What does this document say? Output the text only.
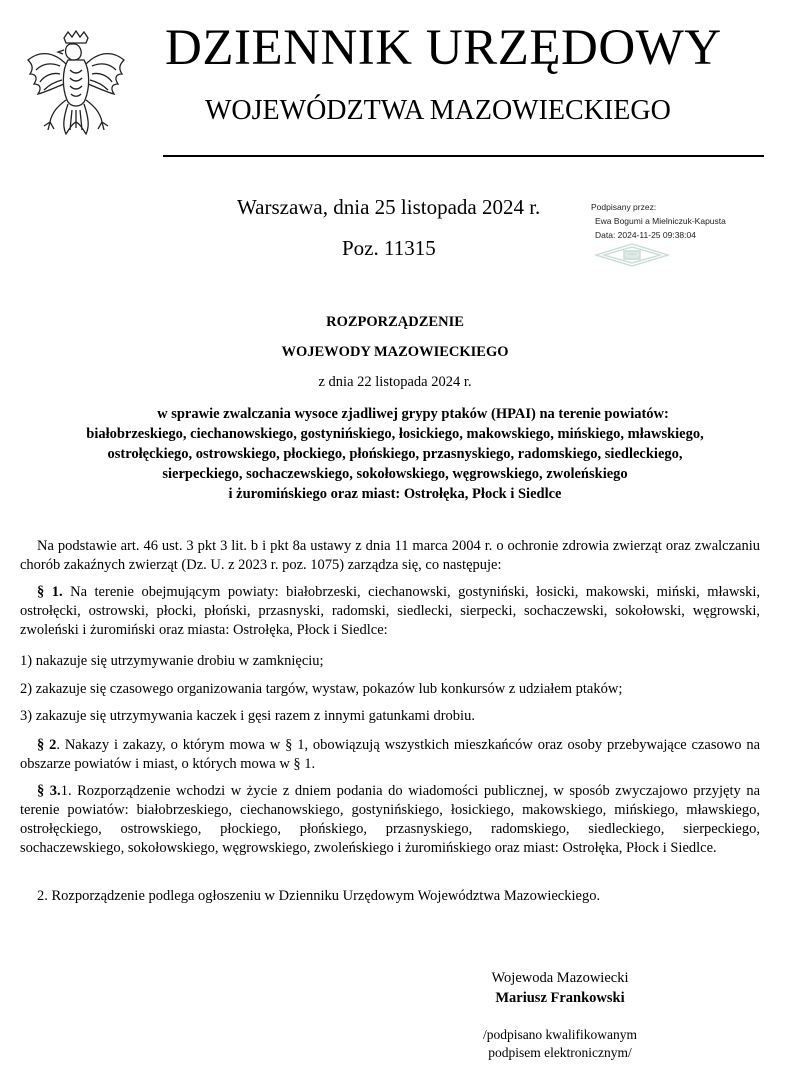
DZIENNIK URZĘDOWY
WOJEWÓDZTWA MAZOWIECKIEGO
Warszawa, dnia 25 listopada 2024 r.
Poz. 11315
Podpisany przez:
Ewa Bogumi a Mielniczuk-Kapusta
Data: 2024-11-25 09:38:04
ROZPORZĄDZENIE
WOJEWODY MAZOWIECKIEGO
z dnia 22 listopada 2024 r.
w sprawie zwalczania wysoce zjadliwej grypy ptaków (HPAI) na terenie powiatów:
białobrzeskiego, ciechanowskiego, gostynińskiego, łosickiego, makowskiego, mińskiego, mławskiego,
ostrołęckiego, ostrowskiego, płockiego, płońskiego, przasnyskiego, radomskiego, siedleckiego,
sierpeckiego, sochaczewskiego, sokołowskiego, węgrowskiego, zwoleńskiego
i żuromińskiego oraz miast: Ostrołęka, Płock i Siedlce
Na podstawie art. 46 ust. 3 pkt 3 lit. b i pkt 8a ustawy z dnia 11 marca 2004 r. o ochronie zdrowia zwierząt oraz zwalczaniu chorób zakaźnych zwierząt (Dz. U. z 2023 r. poz. 1075) zarządza się, co następuje:
§ 1. Na terenie obejmującym powiaty: białobrzeski, ciechanowski, gostyniński, łosicki, makowski, miński, mławski, ostrołęcki, ostrowski, płocki, płoński, przasnyski, radomski, siedlecki, sierpecki, sochaczewski, sokołowski, węgrowski, zwoleński i żuromiński oraz miasta: Ostrołęka, Płock i Siedlce:
1) nakazuje się utrzymywanie drobiu w zamknięciu;
2) zakazuje się czasowego organizowania targów, wystaw, pokazów lub konkursów z udziałem ptaków;
3) zakazuje się utrzymywania kaczek i gęsi razem z innymi gatunkami drobiu.
§ 2. Nakazy i zakazy, o którym mowa w § 1, obowiązują wszystkich mieszkańców oraz osoby przebywające czasowo na obszarze powiatów i miast, o których mowa w § 1.
§ 3.1. Rozporządzenie wchodzi w życie z dniem podania do wiadomości publicznej, w sposób zwyczajowo przyjęty na terenie powiatów: białobrzeskiego, ciechanowskiego, gostynińskiego, łosickiego, makowskiego, mińskiego, mławskiego, ostrołęckiego, ostrowskiego, płockiego, płońskiego, przasnyskiego, radomskiego, siedleckiego, sierpeckiego, sochaczewskiego, sokołowskiego, węgrowskiego, zwoleńskiego i żuromińskiego oraz miast: Ostrołęka, Płock i Siedlce.
2. Rozporządzenie podlega ogłoszeniu w Dzienniku Urzędowym Województwa Mazowieckiego.
Wojewoda Mazowiecki
Mariusz Frankowski
/podpisano kwalifikowanym
podpisem elektronicznym/
